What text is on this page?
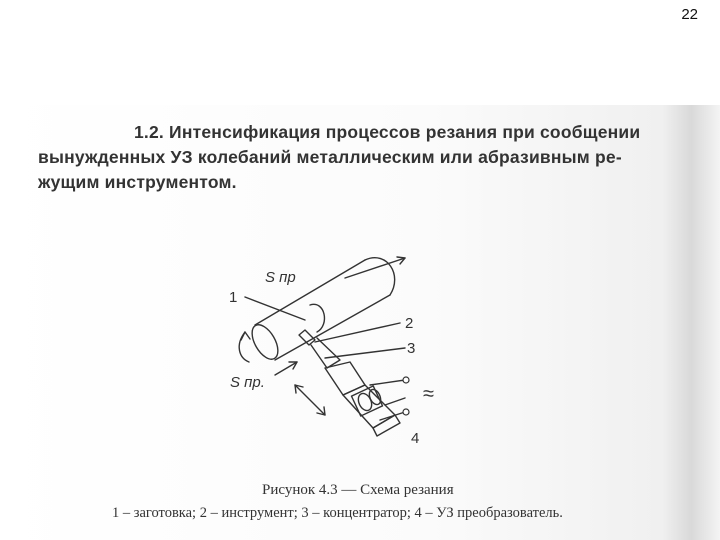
22
1.2. Интенсификация процессов резания при сообщении
вынужденных УЗ колебаний металлическим или абразивным ре-
жущим инструментом.
1
2
3
4
S пр
S пр.
≈
Рисунок 4.3 — Схема резания
1 – заготовка; 2 – инструмент; 3 – концентратор; 4 – УЗ преобразователь.
